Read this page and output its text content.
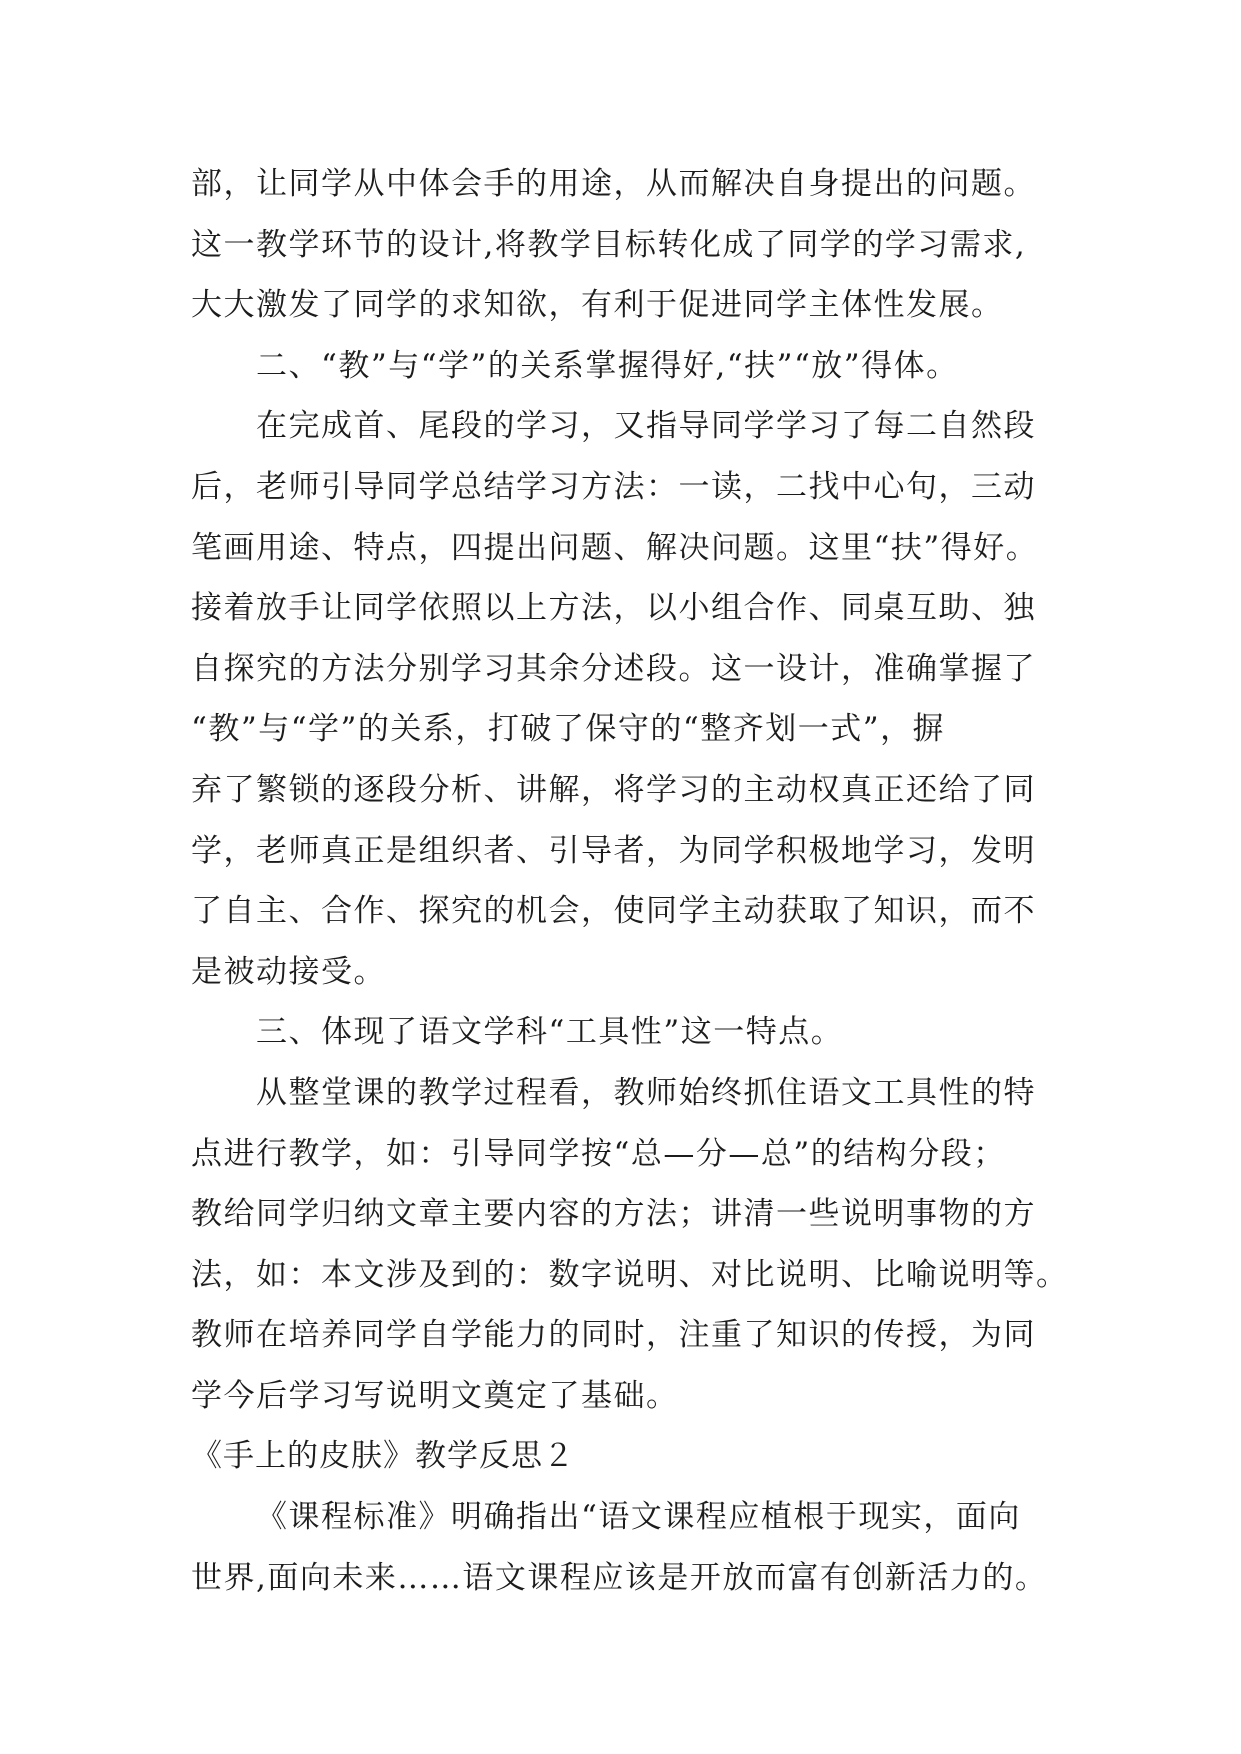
部，让同学从中体会手的用途，从而解决自身提出的问题。
这一教学环节的设计,将教学目标转化成了同学的学习需求,
大大激发了同学的求知欲，有利于促进同学主体性发展。
二、“教”与“学”的关系掌握得好,“扶”“放”得体。
在完成首、尾段的学习，又指导同学学习了每二自然段
后，老师引导同学总结学习方法：一读，二找中心句，三动
笔画用途、特点，四提出问题、解决问题。这里“扶”得好。
接着放手让同学依照以上方法，以小组合作、同桌互助、独
自探究的方法分别学习其余分述段。这一设计，准确掌握了
“教”与“学”的关系，打破了保守的“整齐划一式”，摒
弃了繁锁的逐段分析、讲解，将学习的主动权真正还给了同
学，老师真正是组织者、引导者，为同学积极地学习，发明
了自主、合作、探究的机会，使同学主动获取了知识，而不
是被动接受。
三、体现了语文学科“工具性”这一特点。
从整堂课的教学过程看，教师始终抓住语文工具性的特
点进行教学，如：引导同学按“总—分—总”的结构分段；
教给同学归纳文章主要内容的方法；讲清一些说明事物的方
法，如：本文涉及到的：数字说明、对比说明、比喻说明等。
教师在培养同学自学能力的同时，注重了知识的传授，为同
学今后学习写说明文奠定了基础。
《手上的皮肤》教学反思２
《课程标准》明确指出“语文课程应植根于现实，面向
世界,面向未来……语文课程应该是开放而富有创新活力的。
